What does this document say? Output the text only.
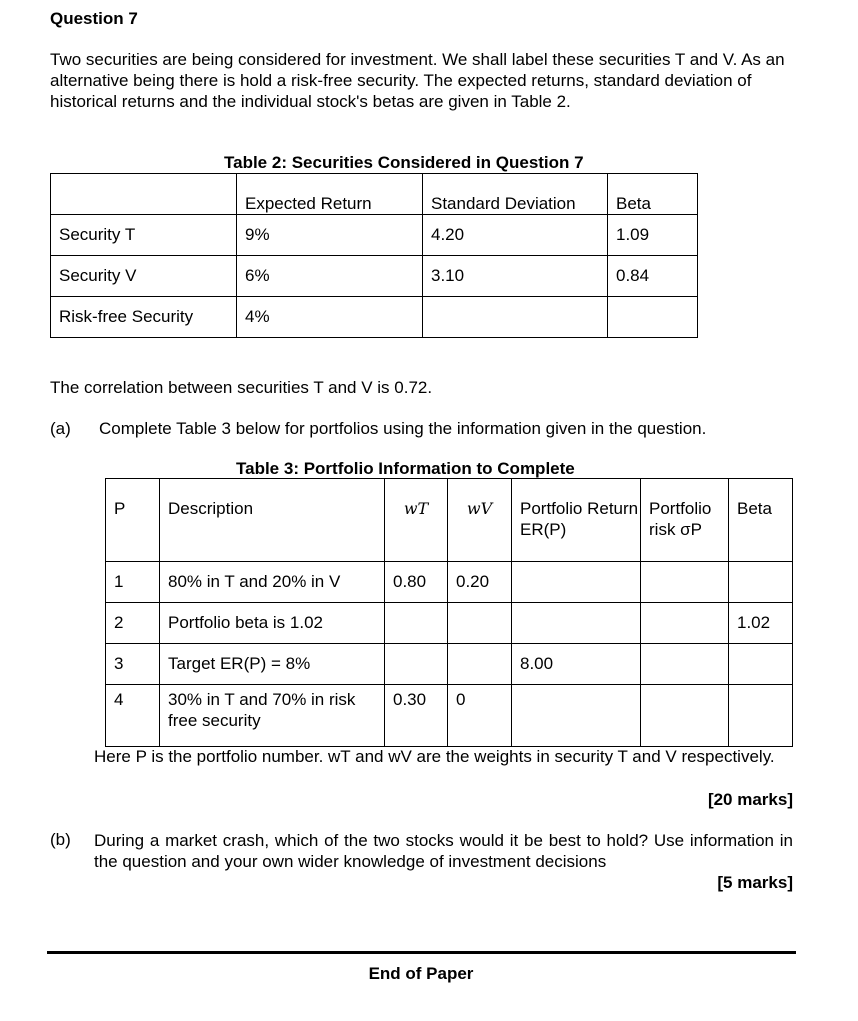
Question 7
Two securities are being considered for investment. We shall label these securities T and V. As an alternative being there is hold a risk-free security. The expected returns, standard deviation of historical returns and the individual stock's betas are given in Table 2.
Table 2: Securities Considered in Question 7
	Expected Return	Standard Deviation	Beta
Security T	9%	4.20	1.09
Security V	6%	3.10	0.84
Risk-free Security	4%		
The correlation between securities T and V is 0.72.
(a) Complete Table 3 below for portfolios using the information given in the question.
Table 3: Portfolio Information to Complete
P	Description	wT	wV	Portfolio Return ER(P)	Portfolio risk σP	Beta
1	80% in T and 20% in V	0.80	0.20			
2	Portfolio beta is 1.02					1.02
3	Target ER(P) = 8%			8.00		
4	30% in T and 70% in risk free security	0.30	0			
Here P is the portfolio number. wT and wV are the weights in security T and V respectively.
[20 marks]
(b) During a market crash, which of the two stocks would it be best to hold? Use information in the question and your own wider knowledge of investment decisions
[5 marks]
End of Paper
